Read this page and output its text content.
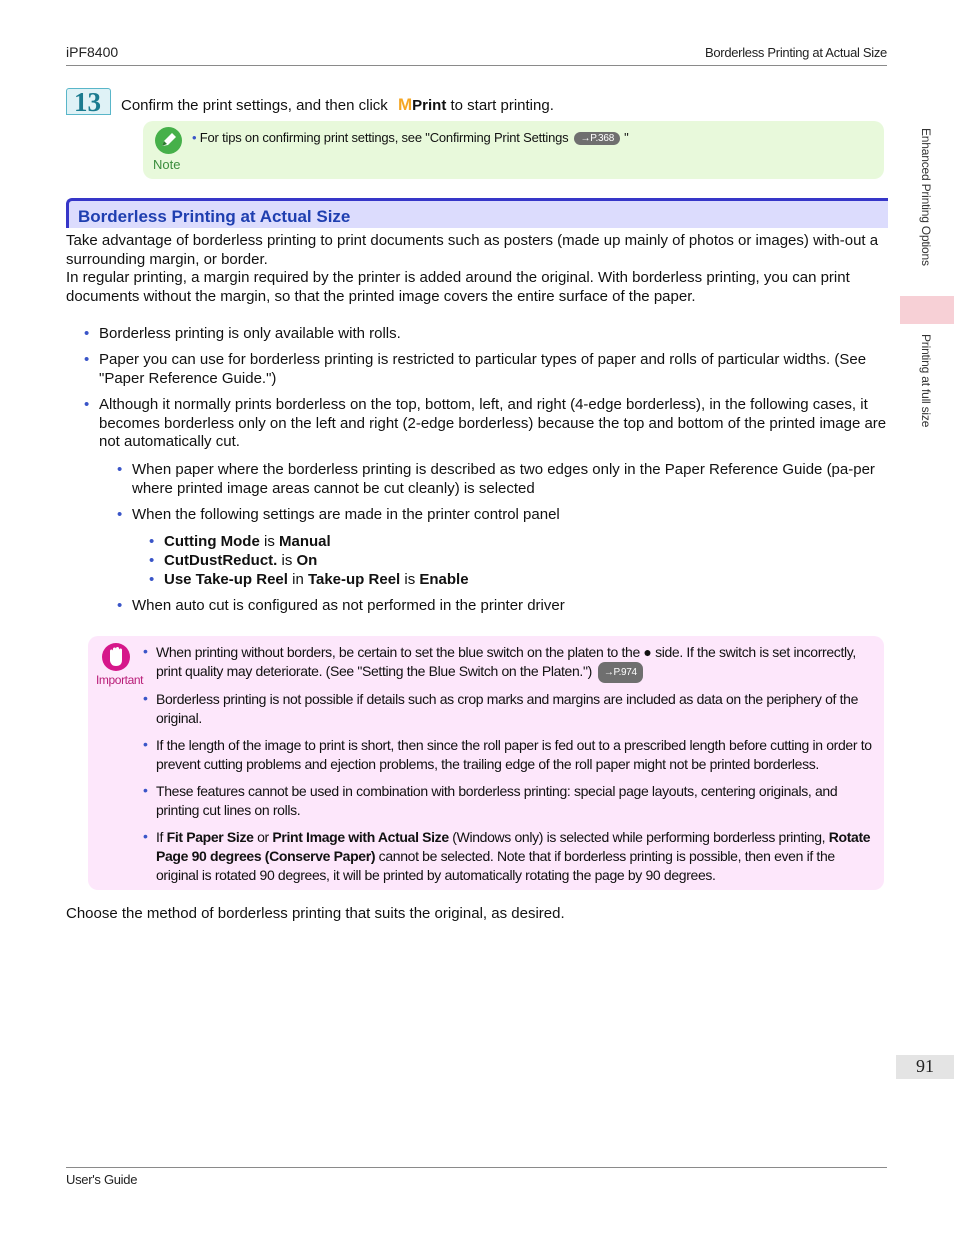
iPF8400	Borderless Printing at Actual Size
13 Confirm the print settings, and then click MPrint to start printing.
Note
• For tips on confirming print settings, see "Confirming Print Settings →P.368 "
Borderless Printing at Actual Size
Take advantage of borderless printing to print documents such as posters (made up mainly of photos or images) with-out a surrounding margin, or border.
In regular printing, a margin required by the printer is added around the original. With borderless printing, you can print documents without the margin, so that the printed image covers the entire surface of the paper.
• Borderless printing is only available with rolls.
• Paper you can use for borderless printing is restricted to particular types of paper and rolls of particular widths. (See "Paper Reference Guide.")
• Although it normally prints borderless on the top, bottom, left, and right (4-edge borderless), in the following cases, it becomes borderless only on the left and right (2-edge borderless) because the top and bottom of the printed image are not automatically cut.
• When paper where the borderless printing is described as two edges only in the Paper Reference Guide (pa-per where printed image areas cannot be cut cleanly) is selected
• When the following settings are made in the printer control panel
• Cutting Mode is Manual
• CutDustReduct. is On
• Use Take-up Reel in Take-up Reel is Enable
• When auto cut is configured as not performed in the printer driver
Important
• When printing without borders, be certain to set the blue switch on the platen to the ● side. If the switch is set incorrectly, print quality may deteriorate. (See "Setting the Blue Switch on the Platen.") →P.974
• Borderless printing is not possible if details such as crop marks and margins are included as data on the periphery of the original.
• If the length of the image to print is short, then since the roll paper is fed out to a prescribed length before cutting in order to prevent cutting problems and ejection problems, the trailing edge of the roll paper might not be printed borderless.
• These features cannot be used in combination with borderless printing: special page layouts, centering originals, and printing cut lines on rolls.
• If Fit Paper Size or Print Image with Actual Size (Windows only) is selected while performing borderless printing, Rotate Page 90 degrees (Conserve Paper) cannot be selected. Note that if borderless printing is possible, then even if the original is rotated 90 degrees, it will be printed by automatically rotating the page by 90 degrees.
Choose the method of borderless printing that suits the original, as desired.
Enhanced Printing Options
Printing at full size
91
User's Guide
